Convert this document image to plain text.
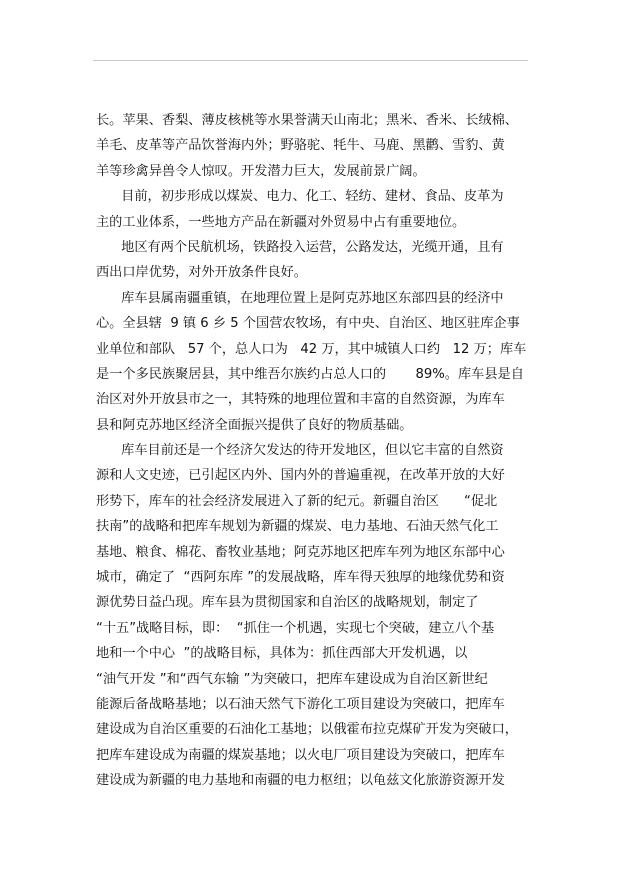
长。苹果、香梨、薄皮核桃等水果誉满天山南北；黑米、香米、长绒棉、
羊毛、皮革等产品饮誉海内外；野骆驼、牦牛、马鹿、黑鹳、雪豹、黄
羊等珍禽异兽令人惊叹。开发潜力巨大，发展前景广阔。
目前，初步形成以煤炭、电力、化工、轻纺、建材、食品、皮革为
主的工业体系，一些地方产品在新疆对外贸易中占有重要地位。
地区有两个民航机场，铁路投入运营，公路发达，光缆开通，且有
西出口岸优势，对外开放条件良好。
库车县属南疆重镇，在地理位置上是阿克苏地区东部四县的经济中
心。全县辖  9 镇 6 乡 5 个国营农牧场，有中央、自治区、地区驻库企事
业单位和部队   57 个，总人口为   42 万，其中城镇人口约   12 万；库车
是一个多民族聚居县，其中维吾尔族约占总人口的       89%。库车县是自
治区对外开放县市之一，其特殊的地理位置和丰富的自然资源，为库车
县和阿克苏地区经济全面振兴提供了良好的物质基础。
库车目前还是一个经济欠发达的待开发地区，但以它丰富的自然资
源和人文史迹，已引起区内外、国内外的普遍重视，在改革开放的大好
形势下，库车的社会经济发展进入了新的纪元。新疆自治区      “促北
扶南”的战略和把库车规划为新疆的煤炭、电力基地、石油天然气化工
基地、粮食、棉花、畜牧业基地；阿克苏地区把库车列为地区东部中心
城市，确定了  “西阿东库 ”的发展战略，库车得天独厚的地缘优势和资
源优势日益凸现。库车县为贯彻国家和自治区的战略规划，制定了
“十五”战略目标，即：  “抓住一个机遇，实现七个突破，建立八个基
地和一个中心  ”的战略目标，具体为：抓住西部大开发机遇，以
“油气开发 ”和“西气东输 ”为突破口，把库车建设成为自治区新世纪
能源后备战略基地；以石油天然气下游化工项目建设为突破口，把库车
建设成为自治区重要的石油化工基地；以俄霍布拉克煤矿开发为突破口，
把库车建设成为南疆的煤炭基地；以火电厂项目建设为突破口，把库车
建设成为新疆的电力基地和南疆的电力枢纽；以龟兹文化旅游资源开发
